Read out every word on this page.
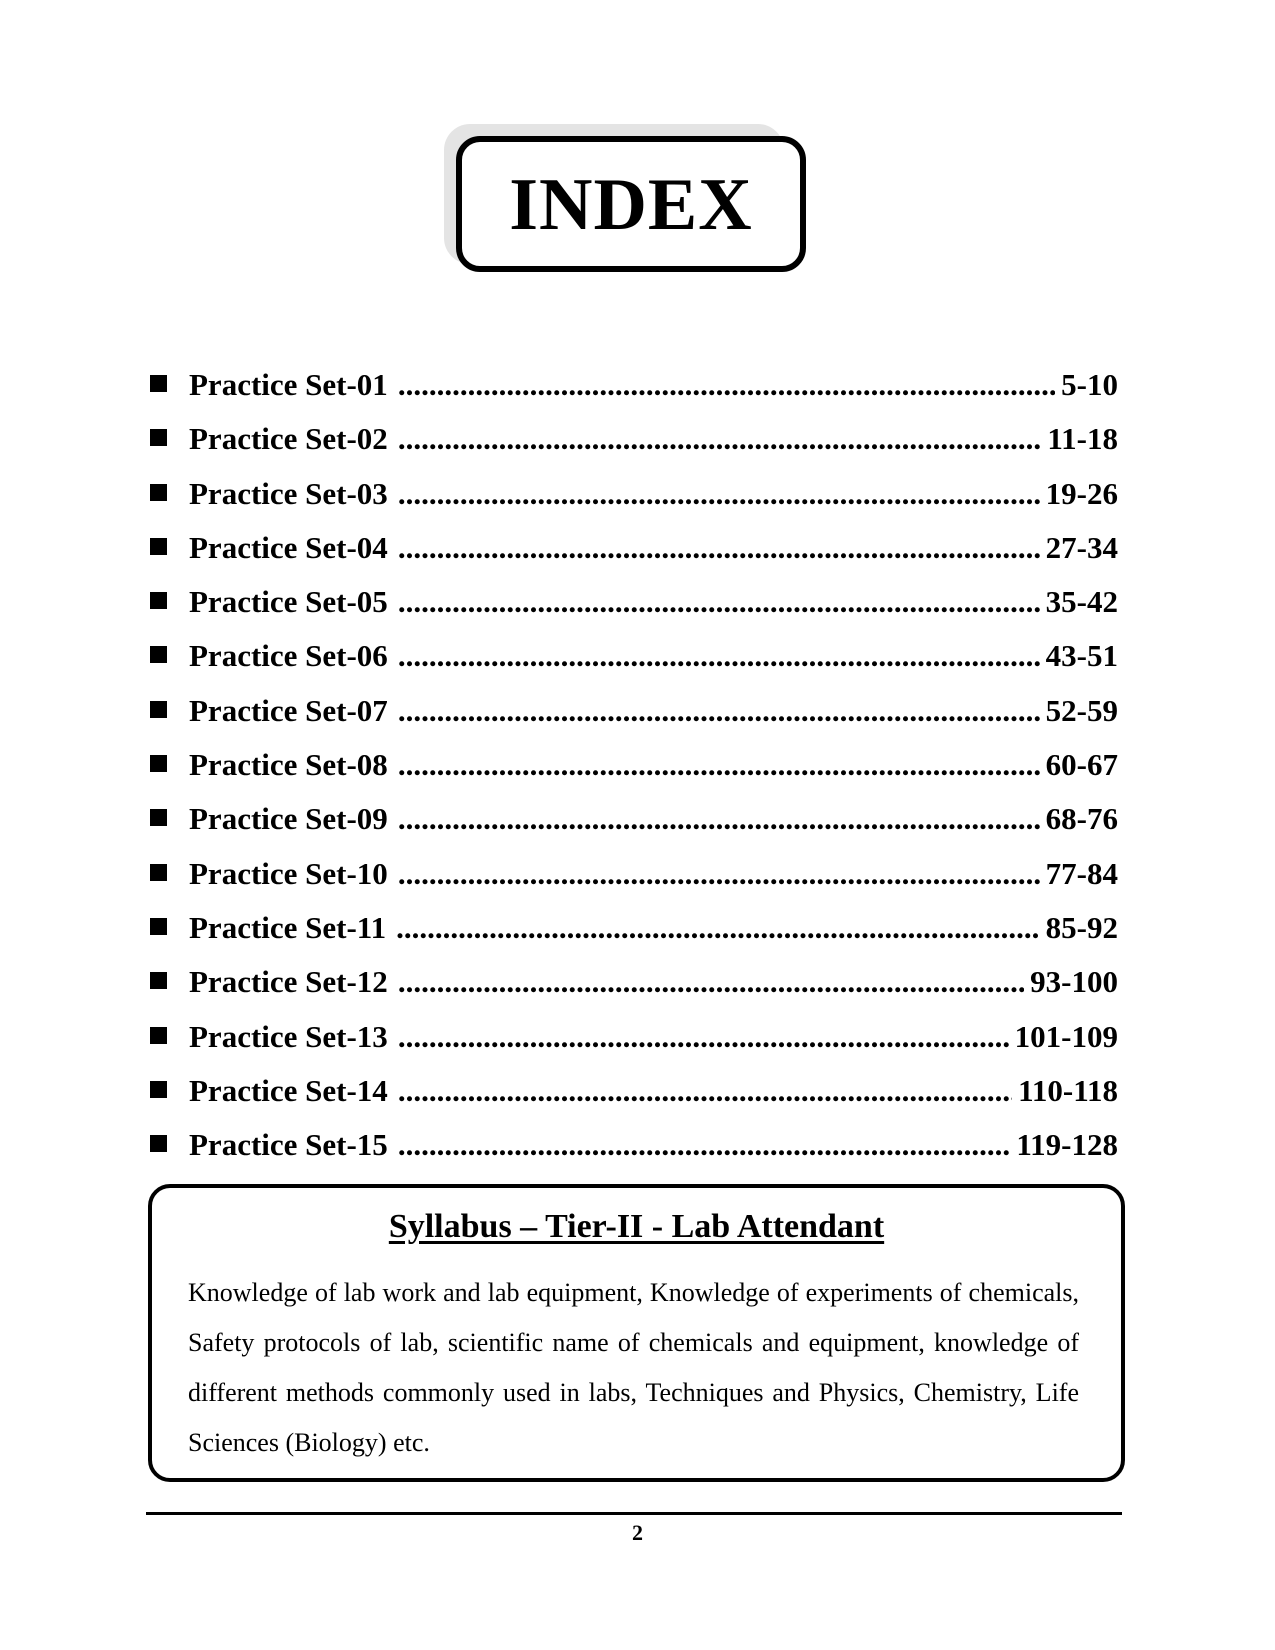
INDEX
Practice Set-01 .....	5-10
Practice Set-02 .....	11-18
Practice Set-03 .....	19-26
Practice Set-04 .....	27-34
Practice Set-05 .....	35-42
Practice Set-06 .....	43-51
Practice Set-07 .....	52-59
Practice Set-08 .....	60-67
Practice Set-09 .....	68-76
Practice Set-10 .....	77-84
Practice Set-11 .....	85-92
Practice Set-12 .....	93-100
Practice Set-13 .....	101-109
Practice Set-14 .....	110-118
Practice Set-15 .....	119-128
Syllabus – Tier-II - Lab Attendant

Knowledge of lab work and lab equipment, Knowledge of experiments of chemicals, Safety protocols of lab, scientific name of chemicals and equipment, knowledge of different methods commonly used in labs, Techniques and Physics, Chemistry, Life Sciences (Biology) etc.

2
